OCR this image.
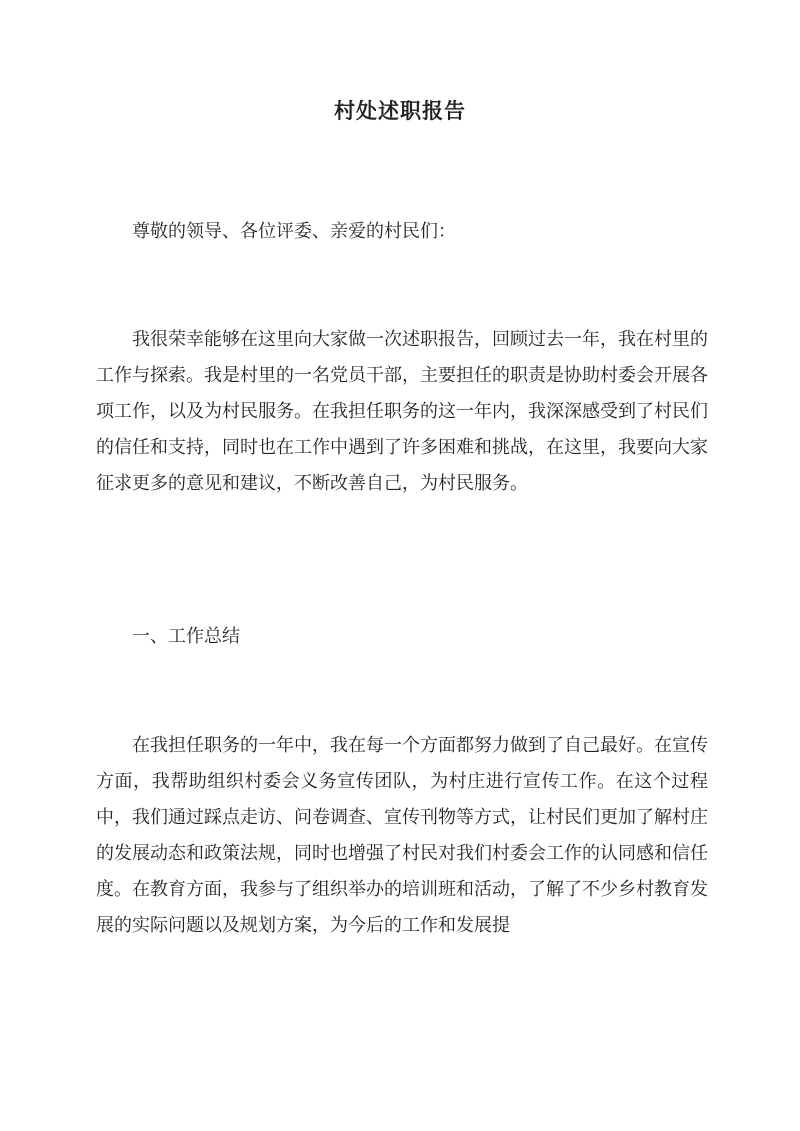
村处述职报告

尊敬的领导、各位评委、亲爱的村民们：

我很荣幸能够在这里向大家做一次述职报告，回顾过去一年，我在村里的工作与探索。我是村里的一名党员干部，主要担任的职责是协助村委会开展各项工作，以及为村民服务。在我担任职务的这一年内，我深深感受到了村民们的信任和支持，同时也在工作中遇到了许多困难和挑战，在这里，我要向大家征求更多的意见和建议，不断改善自己，为村民服务。

一、工作总结

在我担任职务的一年中，我在每一个方面都努力做到了自己最好。在宣传方面，我帮助组织村委会义务宣传团队，为村庄进行宣传工作。在这个过程中，我们通过踩点走访、问卷调查、宣传刊物等方式，让村民们更加了解村庄的发展动态和政策法规，同时也增强了村民对我们村委会工作的认同感和信任度。在教育方面，我参与了组织举办的培训班和活动，了解了不少乡村教育发展的实际问题以及规划方案，为今后的工作和发展提
